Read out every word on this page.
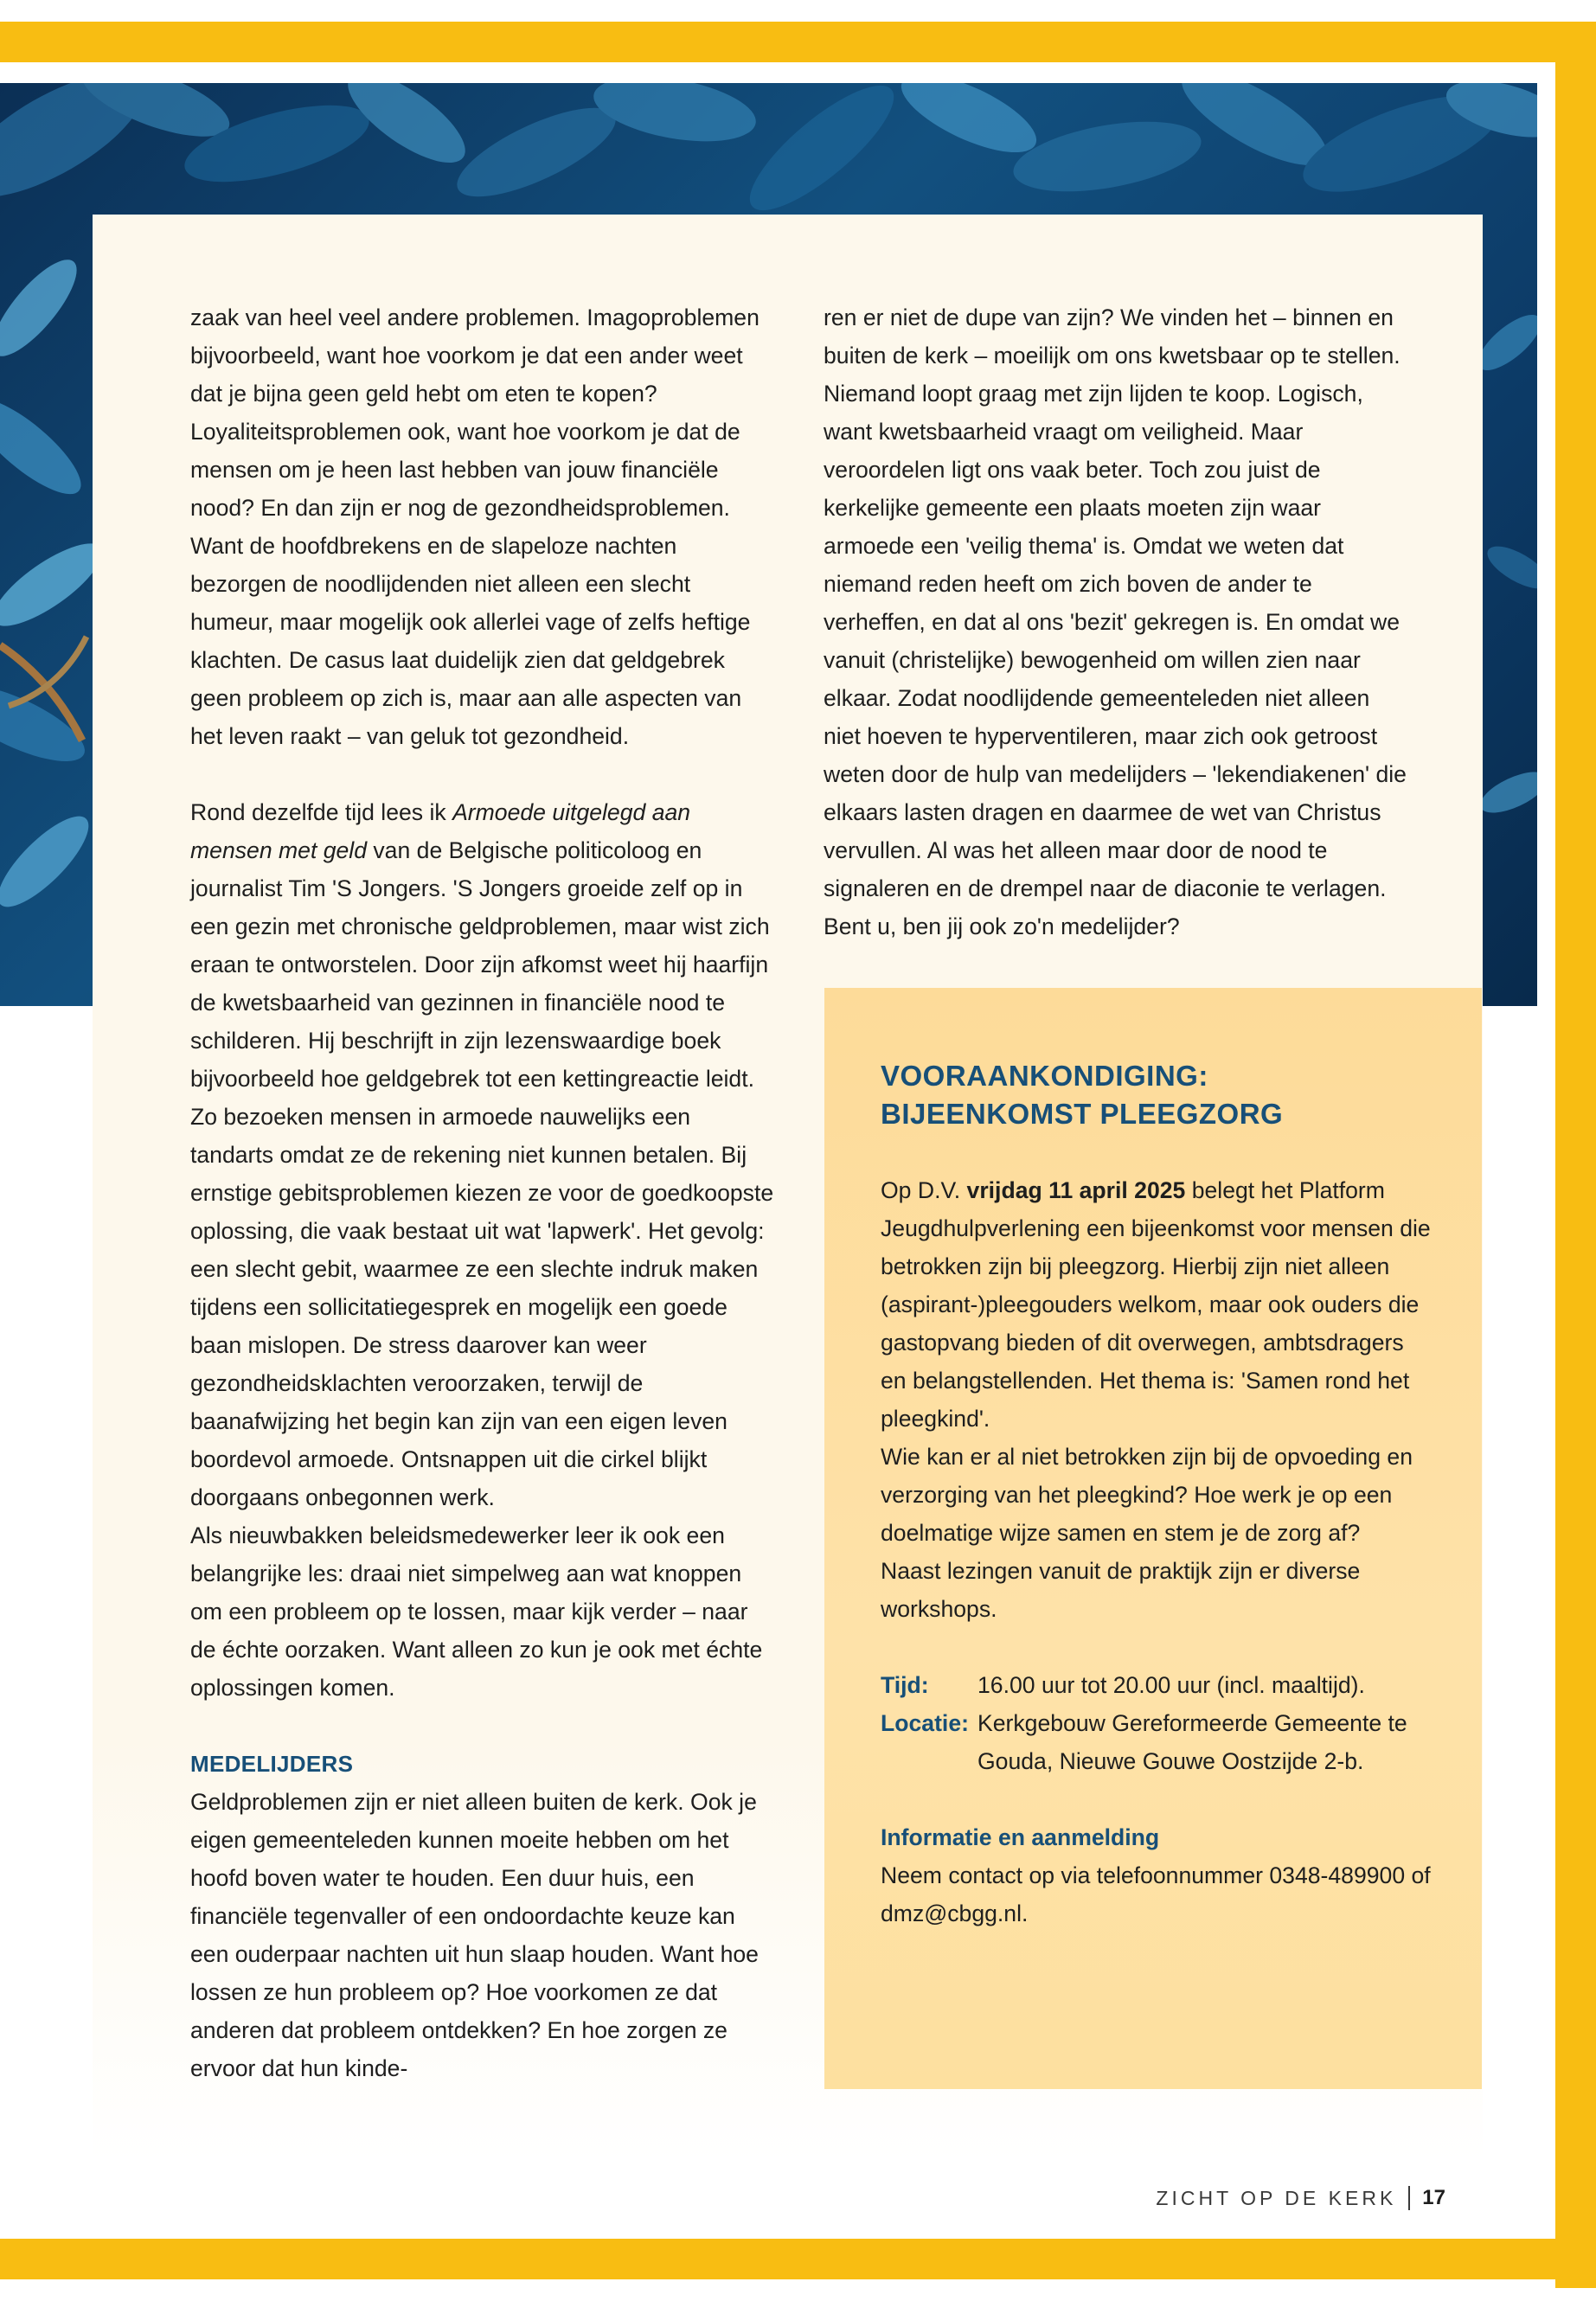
zaak van heel veel andere problemen. Imagoproblemen bijvoorbeeld, want hoe voorkom je dat een ander weet dat je bijna geen geld hebt om eten te kopen? Loyaliteitsproblemen ook, want hoe voorkom je dat de mensen om je heen last hebben van jouw financiële nood? En dan zijn er nog de gezondheidsproblemen. Want de hoofdbrekens en de slapeloze nachten bezorgen de noodlijdenden niet alleen een slecht humeur, maar mogelijk ook allerlei vage of zelfs heftige klachten. De casus laat duidelijk zien dat geldgebrek geen probleem op zich is, maar aan alle aspecten van het leven raakt – van geluk tot gezondheid.

Rond dezelfde tijd lees ik Armoede uitgelegd aan mensen met geld van de Belgische politicoloog en journalist Tim 'S Jongers. 'S Jongers groeide zelf op in een gezin met chronische geldproblemen, maar wist zich eraan te ontworstelen. Door zijn afkomst weet hij haarfijn de kwetsbaarheid van gezinnen in financiële nood te schilderen. Hij beschrijft in zijn lezenswaardige boek bijvoorbeeld hoe geldgebrek tot een kettingreactie leidt. Zo bezoeken mensen in armoede nauwelijks een tandarts omdat ze de rekening niet kunnen betalen. Bij ernstige gebitsproblemen kiezen ze voor de goedkoopste oplossing, die vaak bestaat uit wat 'lapwerk'. Het gevolg: een slecht gebit, waarmee ze een slechte indruk maken tijdens een sollicitatiegesprek en mogelijk een goede baan mislopen. De stress daarover kan weer gezondheidsklachten veroorzaken, terwijl de baanafwijzing het begin kan zijn van een eigen leven boordevol armoede. Ontsnappen uit die cirkel blijkt doorgaans onbegonnen werk.

Als nieuwbakken beleidsmedewerker leer ik ook een belangrijke les: draai niet simpelweg aan wat knoppen om een probleem op te lossen, maar kijk verder – naar de échte oorzaken. Want alleen zo kun je ook met échte oplossingen komen.

MEDELIJDERS

Geldproblemen zijn er niet alleen buiten de kerk. Ook je eigen gemeenteleden kunnen moeite hebben om het hoofd boven water te houden. Een duur huis, een financiële tegenvaller of een ondoordachte keuze kan een ouderpaar nachten uit hun slaap houden. Want hoe lossen ze hun probleem op? Hoe voorkomen ze dat anderen dat probleem ontdekken? En hoe zorgen ze ervoor dat hun kinde-

ren er niet de dupe van zijn? We vinden het – binnen en buiten de kerk – moeilijk om ons kwetsbaar op te stellen. Niemand loopt graag met zijn lijden te koop. Logisch, want kwetsbaarheid vraagt om veiligheid. Maar veroordelen ligt ons vaak beter. Toch zou juist de kerkelijke gemeente een plaats moeten zijn waar armoede een 'veilig thema' is. Omdat we weten dat niemand reden heeft om zich boven de ander te verheffen, en dat al ons 'bezit' gekregen is. En omdat we vanuit (christelijke) bewogenheid om willen zien naar elkaar. Zodat noodlijdende gemeenteleden niet alleen niet hoeven te hyperventileren, maar zich ook getroost weten door de hulp van medelijders – 'lekendiakenen' die elkaars lasten dragen en daarmee de wet van Christus vervullen. Al was het alleen maar door de nood te signaleren en de drempel naar de diaconie te verlagen. Bent u, ben jij ook zo'n medelijder?

VOORAANKONDIGING:
BIJEENKOMST PLEEGZORG

Op D.V. vrijdag 11 april 2025 belegt het Platform Jeugdhulpverlening een bijeenkomst voor mensen die betrokken zijn bij pleegzorg. Hierbij zijn niet alleen (aspirant-)pleegouders welkom, maar ook ouders die gastopvang bieden of dit overwegen, ambtsdragers en belangstellenden. Het thema is: 'Samen rond het pleegkind'.

Wie kan er al niet betrokken zijn bij de opvoeding en verzorging van het pleegkind? Hoe werk je op een doelmatige wijze samen en stem je de zorg af?

Naast lezingen vanuit de praktijk zijn er diverse workshops.

Tijd:	16.00 uur tot 20.00 uur (incl. maaltijd).
Locatie: Kerkgebouw Gereformeerde Gemeente te Gouda, Nieuwe Gouwe Oostzijde 2-b.

Informatie en aanmelding

Neem contact op via telefoonnummer 0348-489900 of dmz@cbgg.nl.

ZICHT OP DE KERK 17
